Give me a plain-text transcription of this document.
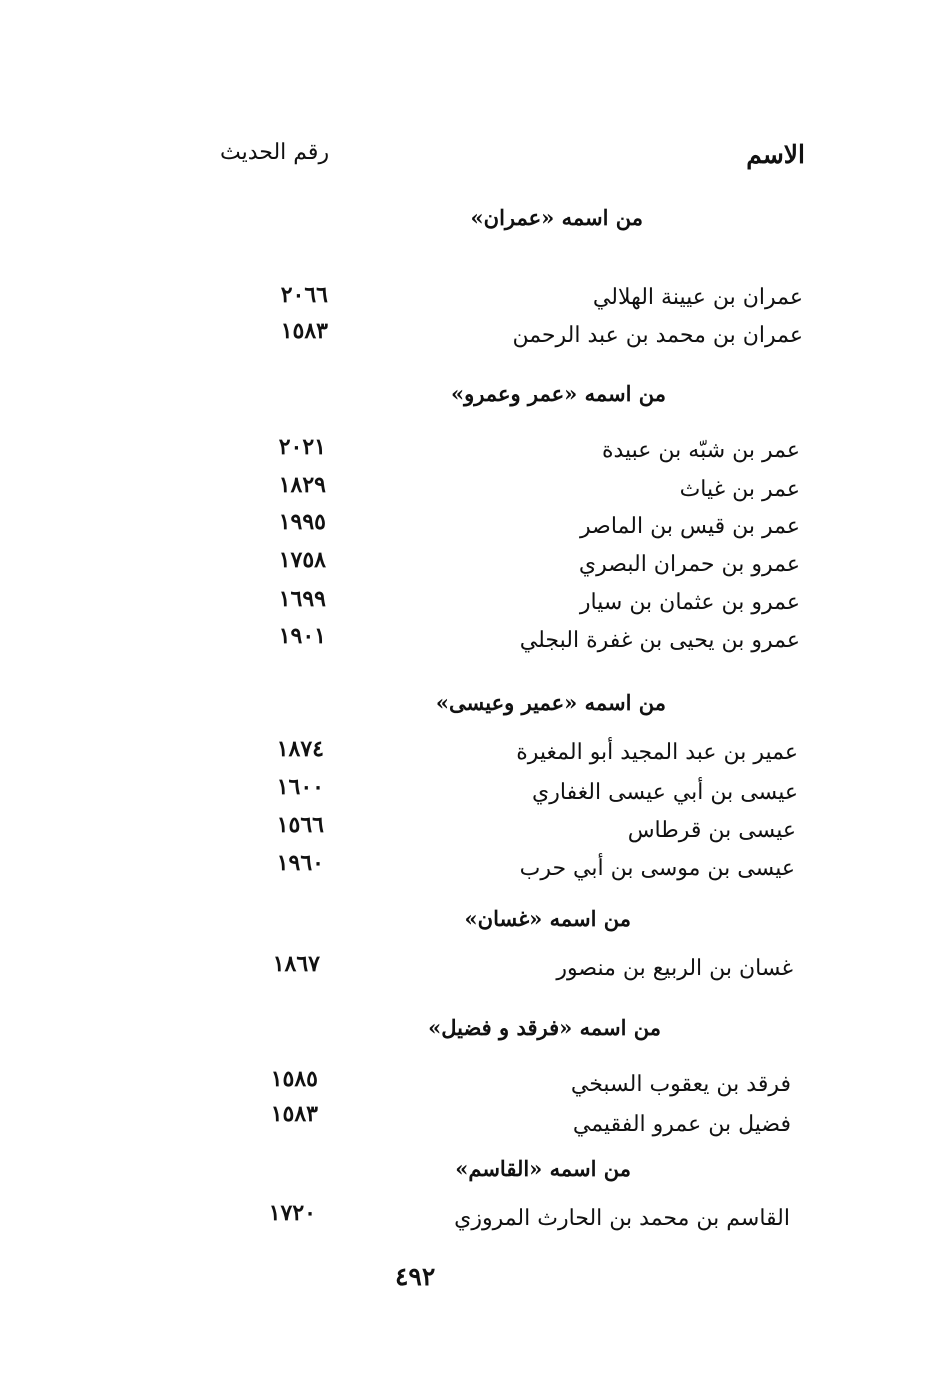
الاسم
رقم الحديث
من اسمه «عمران»
عمران بن عيينة الهلالي
٢٠٦٦
عمران بن محمد بن عبد الرحمن
١٥٨٣
من اسمه «عمر وعمرو»
عمر بن شبّه بن عبيدة
٢٠٢١
عمر بن غياث
١٨٢٩
عمر بن قيس بن الماصر
١٩٩٥
عمرو بن حمران البصري
١٧٥٨
عمرو بن عثمان بن سيار
١٦٩٩
عمرو بن يحيى بن غفرة البجلي
١٩٠١
من اسمه «عمير وعيسى»
عمير بن عبد المجيد أبو المغيرة
١٨٧٤
عيسى بن أبي عيسى الغفاري
١٦٠٠
عيسى بن قرطاس
١٥٦٦
عيسى بن موسى بن أبي حرب
١٩٦٠
من اسمه «غسان»
غسان بن الربيع بن منصور
١٨٦٧
من اسمه «فرقد و فضيل»
فرقد بن يعقوب السبخي
١٥٨٥
فضيل بن عمرو الفقيمي
١٥٨٣
من اسمه «القاسم»
القاسم بن محمد بن الحارث المروزي
١٧٢٠
٤٩٢
